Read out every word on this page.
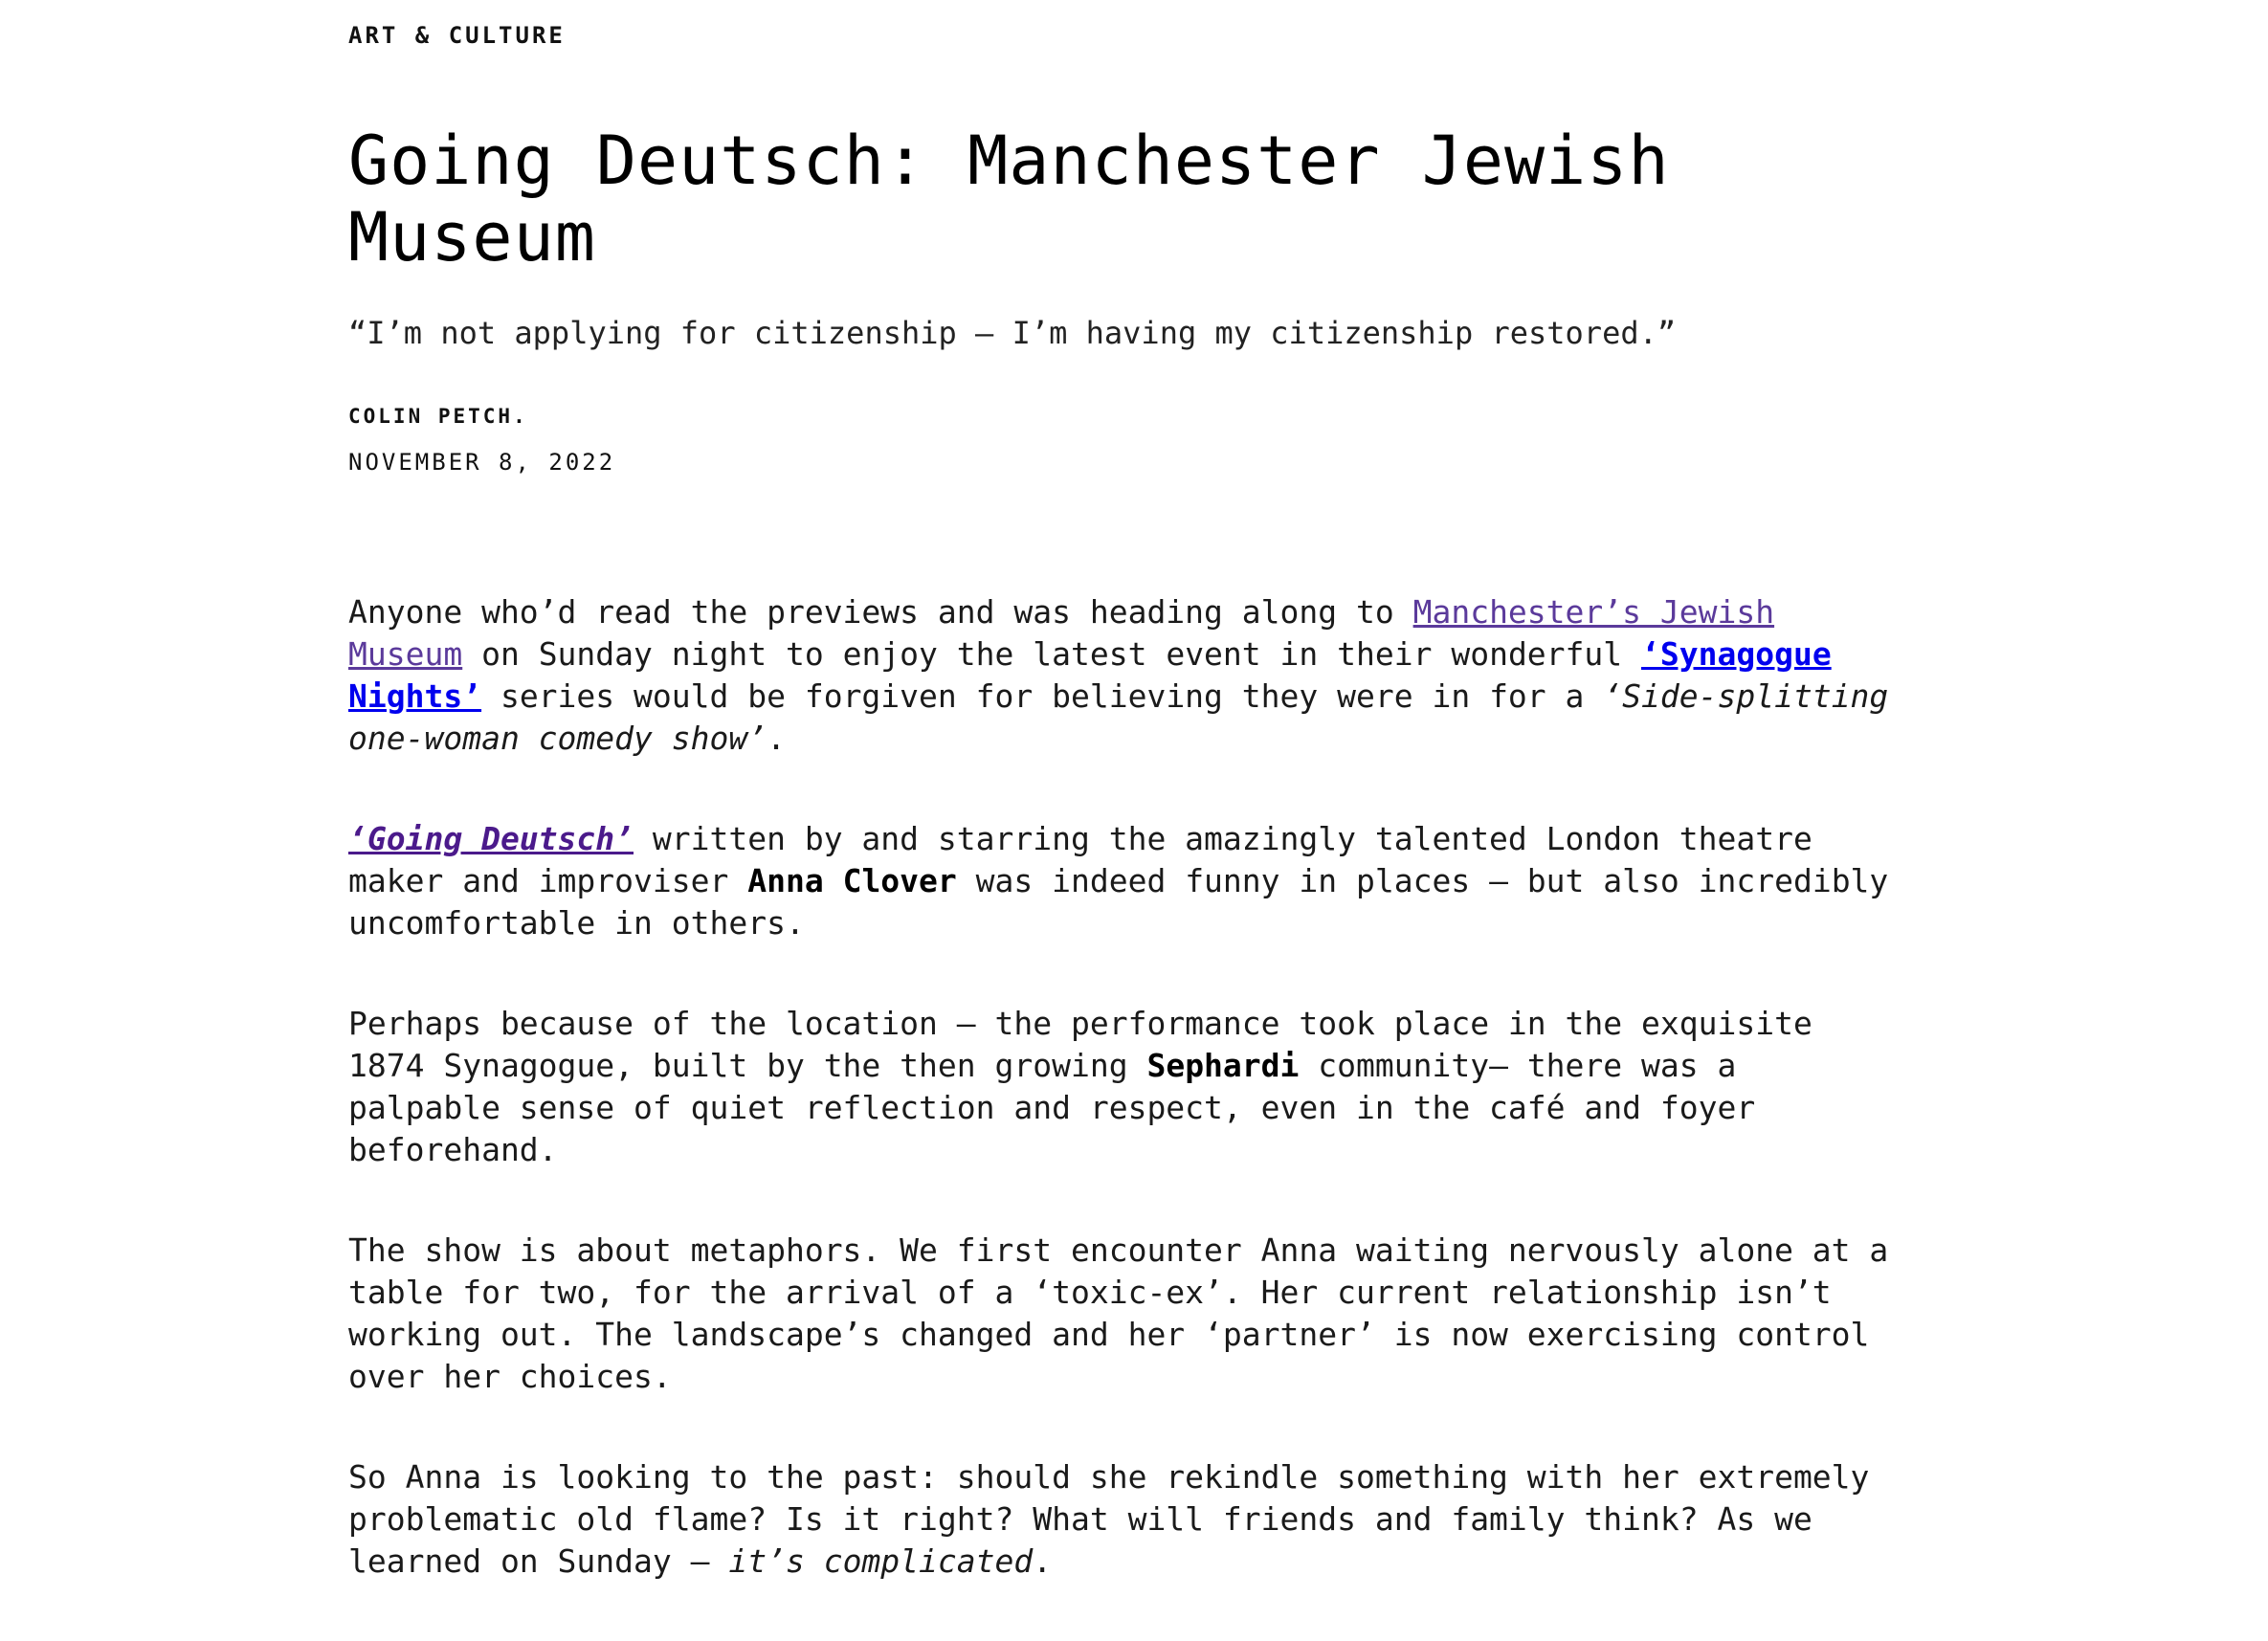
ART & CULTURE

Going Deutsch: Manchester Jewish Museum

“I’m not applying for citizenship – I’m having my citizenship restored.”

COLIN PETCH.

NOVEMBER 8, 2022

Anyone who’d read the previews and was heading along to Manchester’s Jewish Museum on Sunday night to enjoy the latest event in their wonderful ‘Synagogue Nights’ series would be forgiven for believing they were in for a ‘Side-splitting one-woman comedy show’.

‘Going Deutsch’ written by and starring the amazingly talented London theatre maker and improviser Anna Clover was indeed funny in places – but also incredibly uncomfortable in others.

Perhaps because of the location – the performance took place in the exquisite 1874 Synagogue, built by the then growing Sephardi community– there was a palpable sense of quiet reflection and respect, even in the café and foyer beforehand.

The show is about metaphors. We first encounter Anna waiting nervously alone at a table for two, for the arrival of a ‘toxic-ex’. Her current relationship isn’t working out. The landscape’s changed and her ‘partner’ is now exercising control over her choices.

So Anna is looking to the past: should she rekindle something with her extremely problematic old flame? Is it right? What will friends and family think? As we learned on Sunday – it’s complicated.
